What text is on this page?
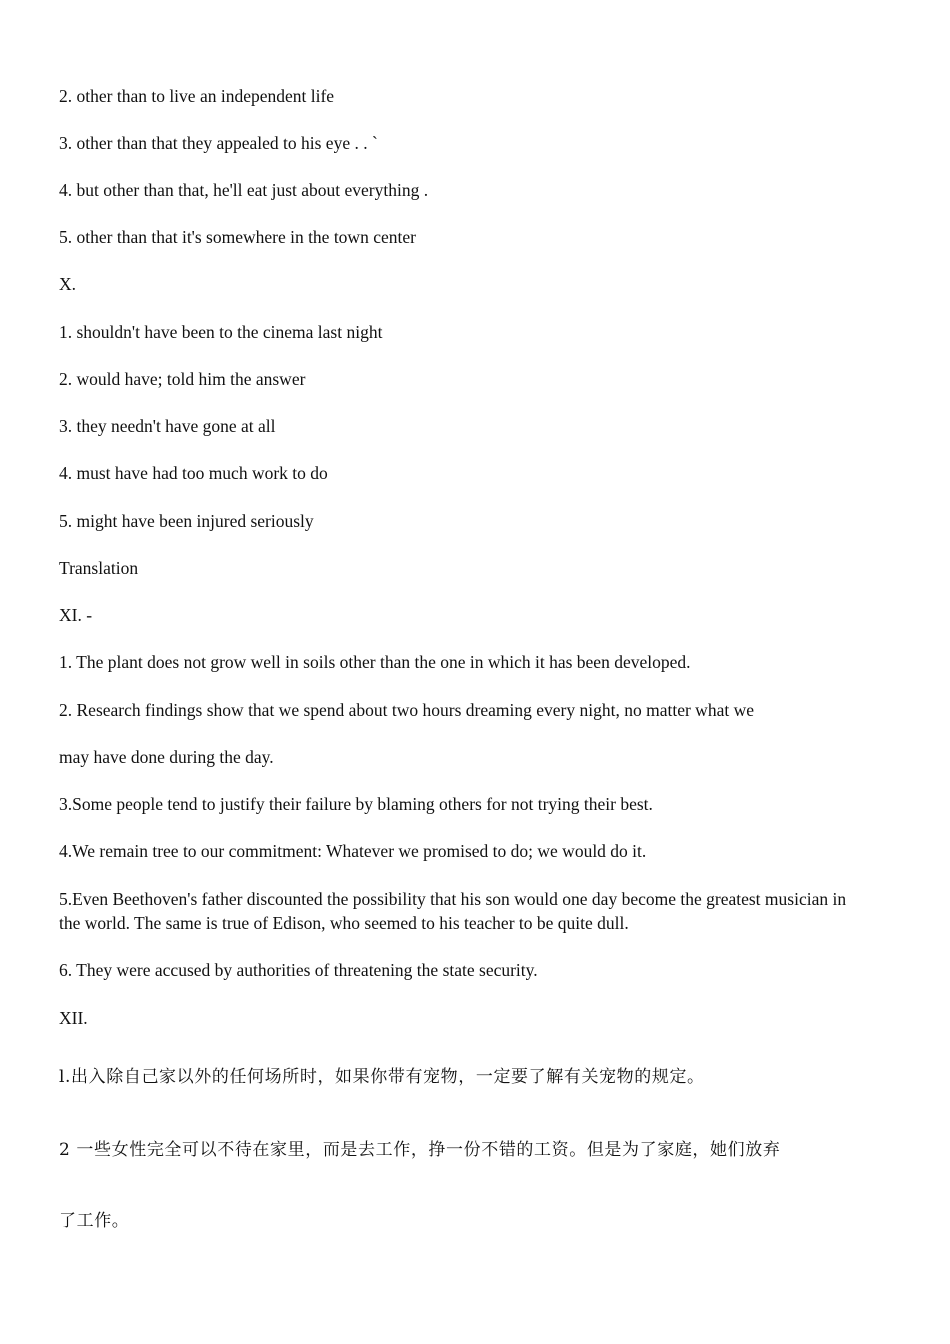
2. other than to live an independent life
3. other than that they appealed to his eye . . `
4. but other than that, he'll eat just about everything .
5. other than that it's somewhere in the town center
X.
1. shouldn't have been to the cinema last night
2. would have; told him the answer
3. they needn't have gone at all
4. must have had too much work to do
5. might have been injured seriously
Translation
XI. -
1. The plant does not grow well in soils other than the one in which it has been developed.
2. Research findings show that we spend about two hours dreaming every night, no matter what we
may have done during the day.
3.Some people tend to justify their failure by blaming others for not trying their best.
4.We remain tree to our commitment: Whatever we promised to do; we would do it.
5.Even Beethoven's father discounted the possibility that his son would one day become the greatest musician in the world. The same is true of Edison, who seemed to his teacher to be quite dull.
6. They were accused by authorities of threatening the state security.
XII.
l.出入除自己家以外的任何场所时，如果你带有宠物，一定要了解有关宠物的规定。
2 一些女性完全可以不待在家里，而是去工作，挣一份不错的工资。但是为了家庭，她们放弃
了工作。
